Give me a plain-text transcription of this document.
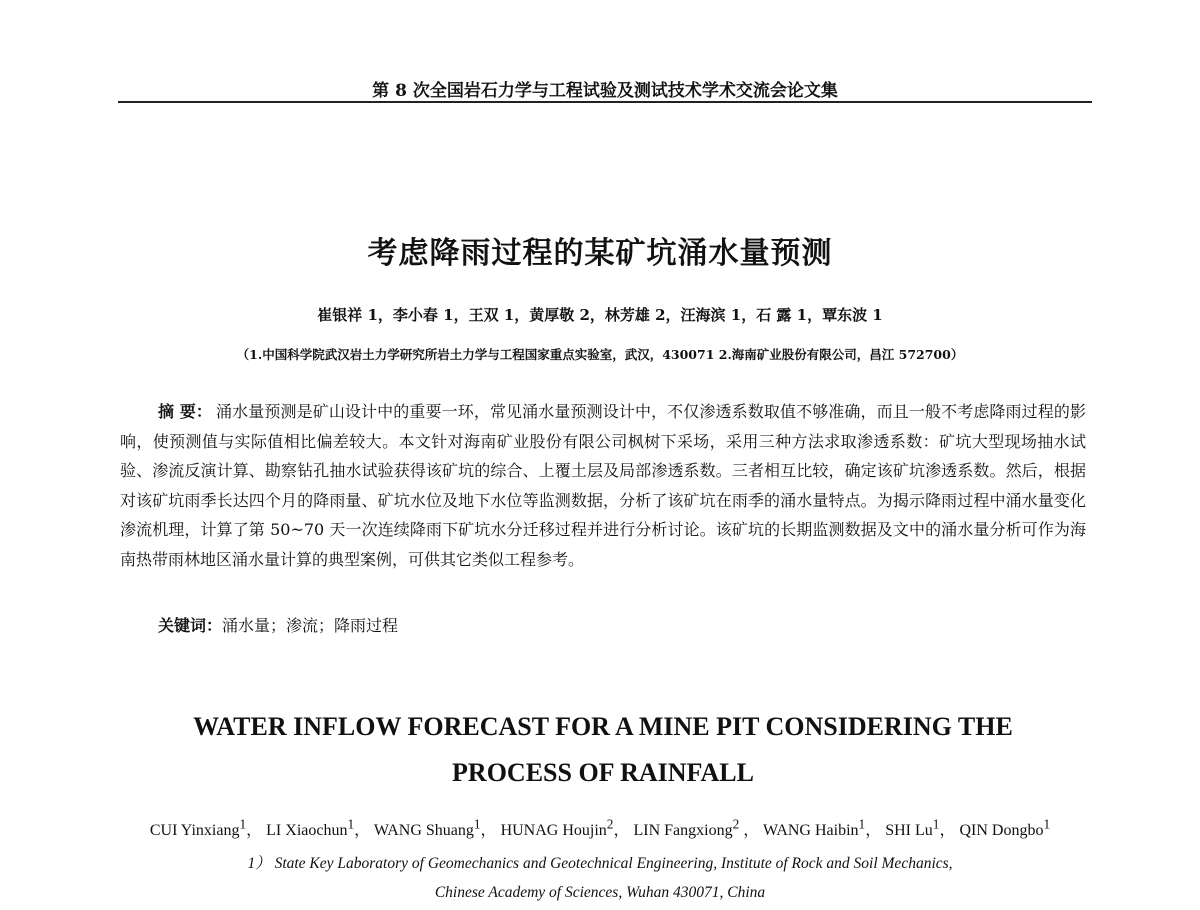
第 8 次全国岩石力学与工程试验及测试技术学术交流会论文集
考虑降雨过程的某矿坑涌水量预测
崔银祥 1，李小春 1，王双 1，黄厚敬 2，林芳雄 2，汪海滨 1，石 露 1，覃东波 1
（1.中国科学院武汉岩土力学研究所岩土力学与工程国家重点实验室，武汉，430071 2.海南矿业股份有限公司，昌江 572700）
摘 要： 涌水量预测是矿山设计中的重要一环，常见涌水量预测设计中，不仅渗透系数取值不够准确，而且一般不考虑降雨过程的影响，使预测值与实际值相比偏差较大。本文针对海南矿业股份有限公司枫树下采场，采用三种方法求取渗透系数：矿坑大型现场抽水试验、渗流反演计算、勘察钻孔抽水试验获得该矿坑的综合、上覆土层及局部渗透系数。三者相互比较，确定该矿坑渗透系数。然后，根据对该矿坑雨季长达四个月的降雨量、矿坑水位及地下水位等监测数据，分析了该矿坑在雨季的涌水量特点。为揭示降雨过程中涌水量变化渗流机理，计算了第 50~70 天一次连续降雨下矿坑水分迁移过程并进行分析讨论。该矿坑的长期监测数据及文中的涌水量分析可作为海南热带雨林地区涌水量计算的典型案例，可供其它类似工程参考。
关键词：涌水量；渗流；降雨过程
WATER INFLOW FORECAST FOR A MINE PIT CONSIDERING THE
PROCESS OF RAINFALL
CUI Yinxiang$^1$， LI Xiaochun$^1$， WANG Shuang$^1$， HUNAG Houjin$^2$， LIN Fangxiong$^2$ ， WANG Haibin$^1$， SHI Lu$^1$， QIN Dongbo$^1$
1） State Key Laboratory of Geomechanics and Geotechnical Engineering, Institute of Rock and Soil Mechanics,
Chinese Academy of Sciences, Wuhan 430071, China
